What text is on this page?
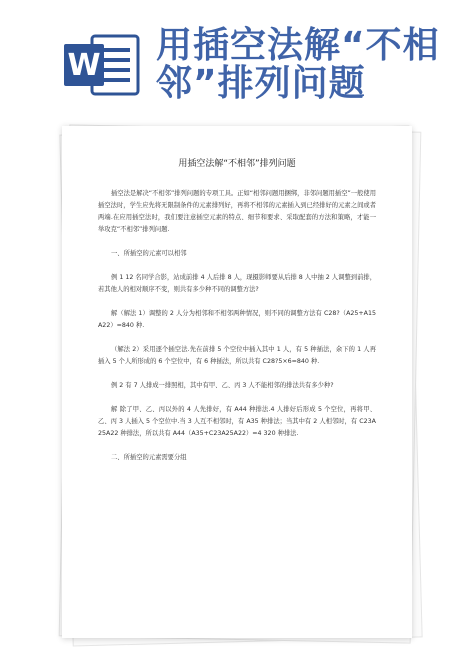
W 用插空法解“不相
邻”排列问题
用插空法解“不相邻”排列问题

插空法是解决“不相邻”排列问题的专项工具。正如“相邻问题用捆绑，非邻问题用插空”一般使用插空法时，学生应先将无限制条件的元素排列好，再将不相邻的元素插入到已经排好的元素之间或者两端.在应用插空法时，我们要注意插空元素的特点、细节和要求、采取配套的方法和策略，才能一举攻克“不相邻”排列问题.

一、所插空的元素可以相邻

例 1 12 名同学合影，站成前排 4 人后排 8 人，现摄影师要从后排 8 人中抽 2 人调整到前排，若其他人的相对顺序不变，则共有多少种不同的调整方法?

解（解法 1）调整的 2 人分为相邻和不相邻两种情况，则不同的调整方法有 C28?（A25+A15A22）=840 种.

（解法 2）采用逐个插空法.先在前排 5 个空位中插入其中 1 人，有 5 种插法，余下的 1 人再插入 5 个人所形成的 6 个空位中，有 6 种插法，所以共有 C28?5×6=840 种.

例 2 有 7 人排成一排照相，其中有甲、乙、丙 3 人不能相邻的排法共有多少种?

解 除了甲、乙、丙以外的 4 人先排好，有 A44 种排法.4 人排好后形成 5 个空位，再将甲、乙、丙 3 人插入 5 个空位中.当 3 人互不相邻时，有 A35 种排法；当其中有 2 人相邻时，有 C23A25A22 种排法，所以共有 A44（A35+C23A25A22）=4 320 种排法.

二、所插空的元素需要分组
